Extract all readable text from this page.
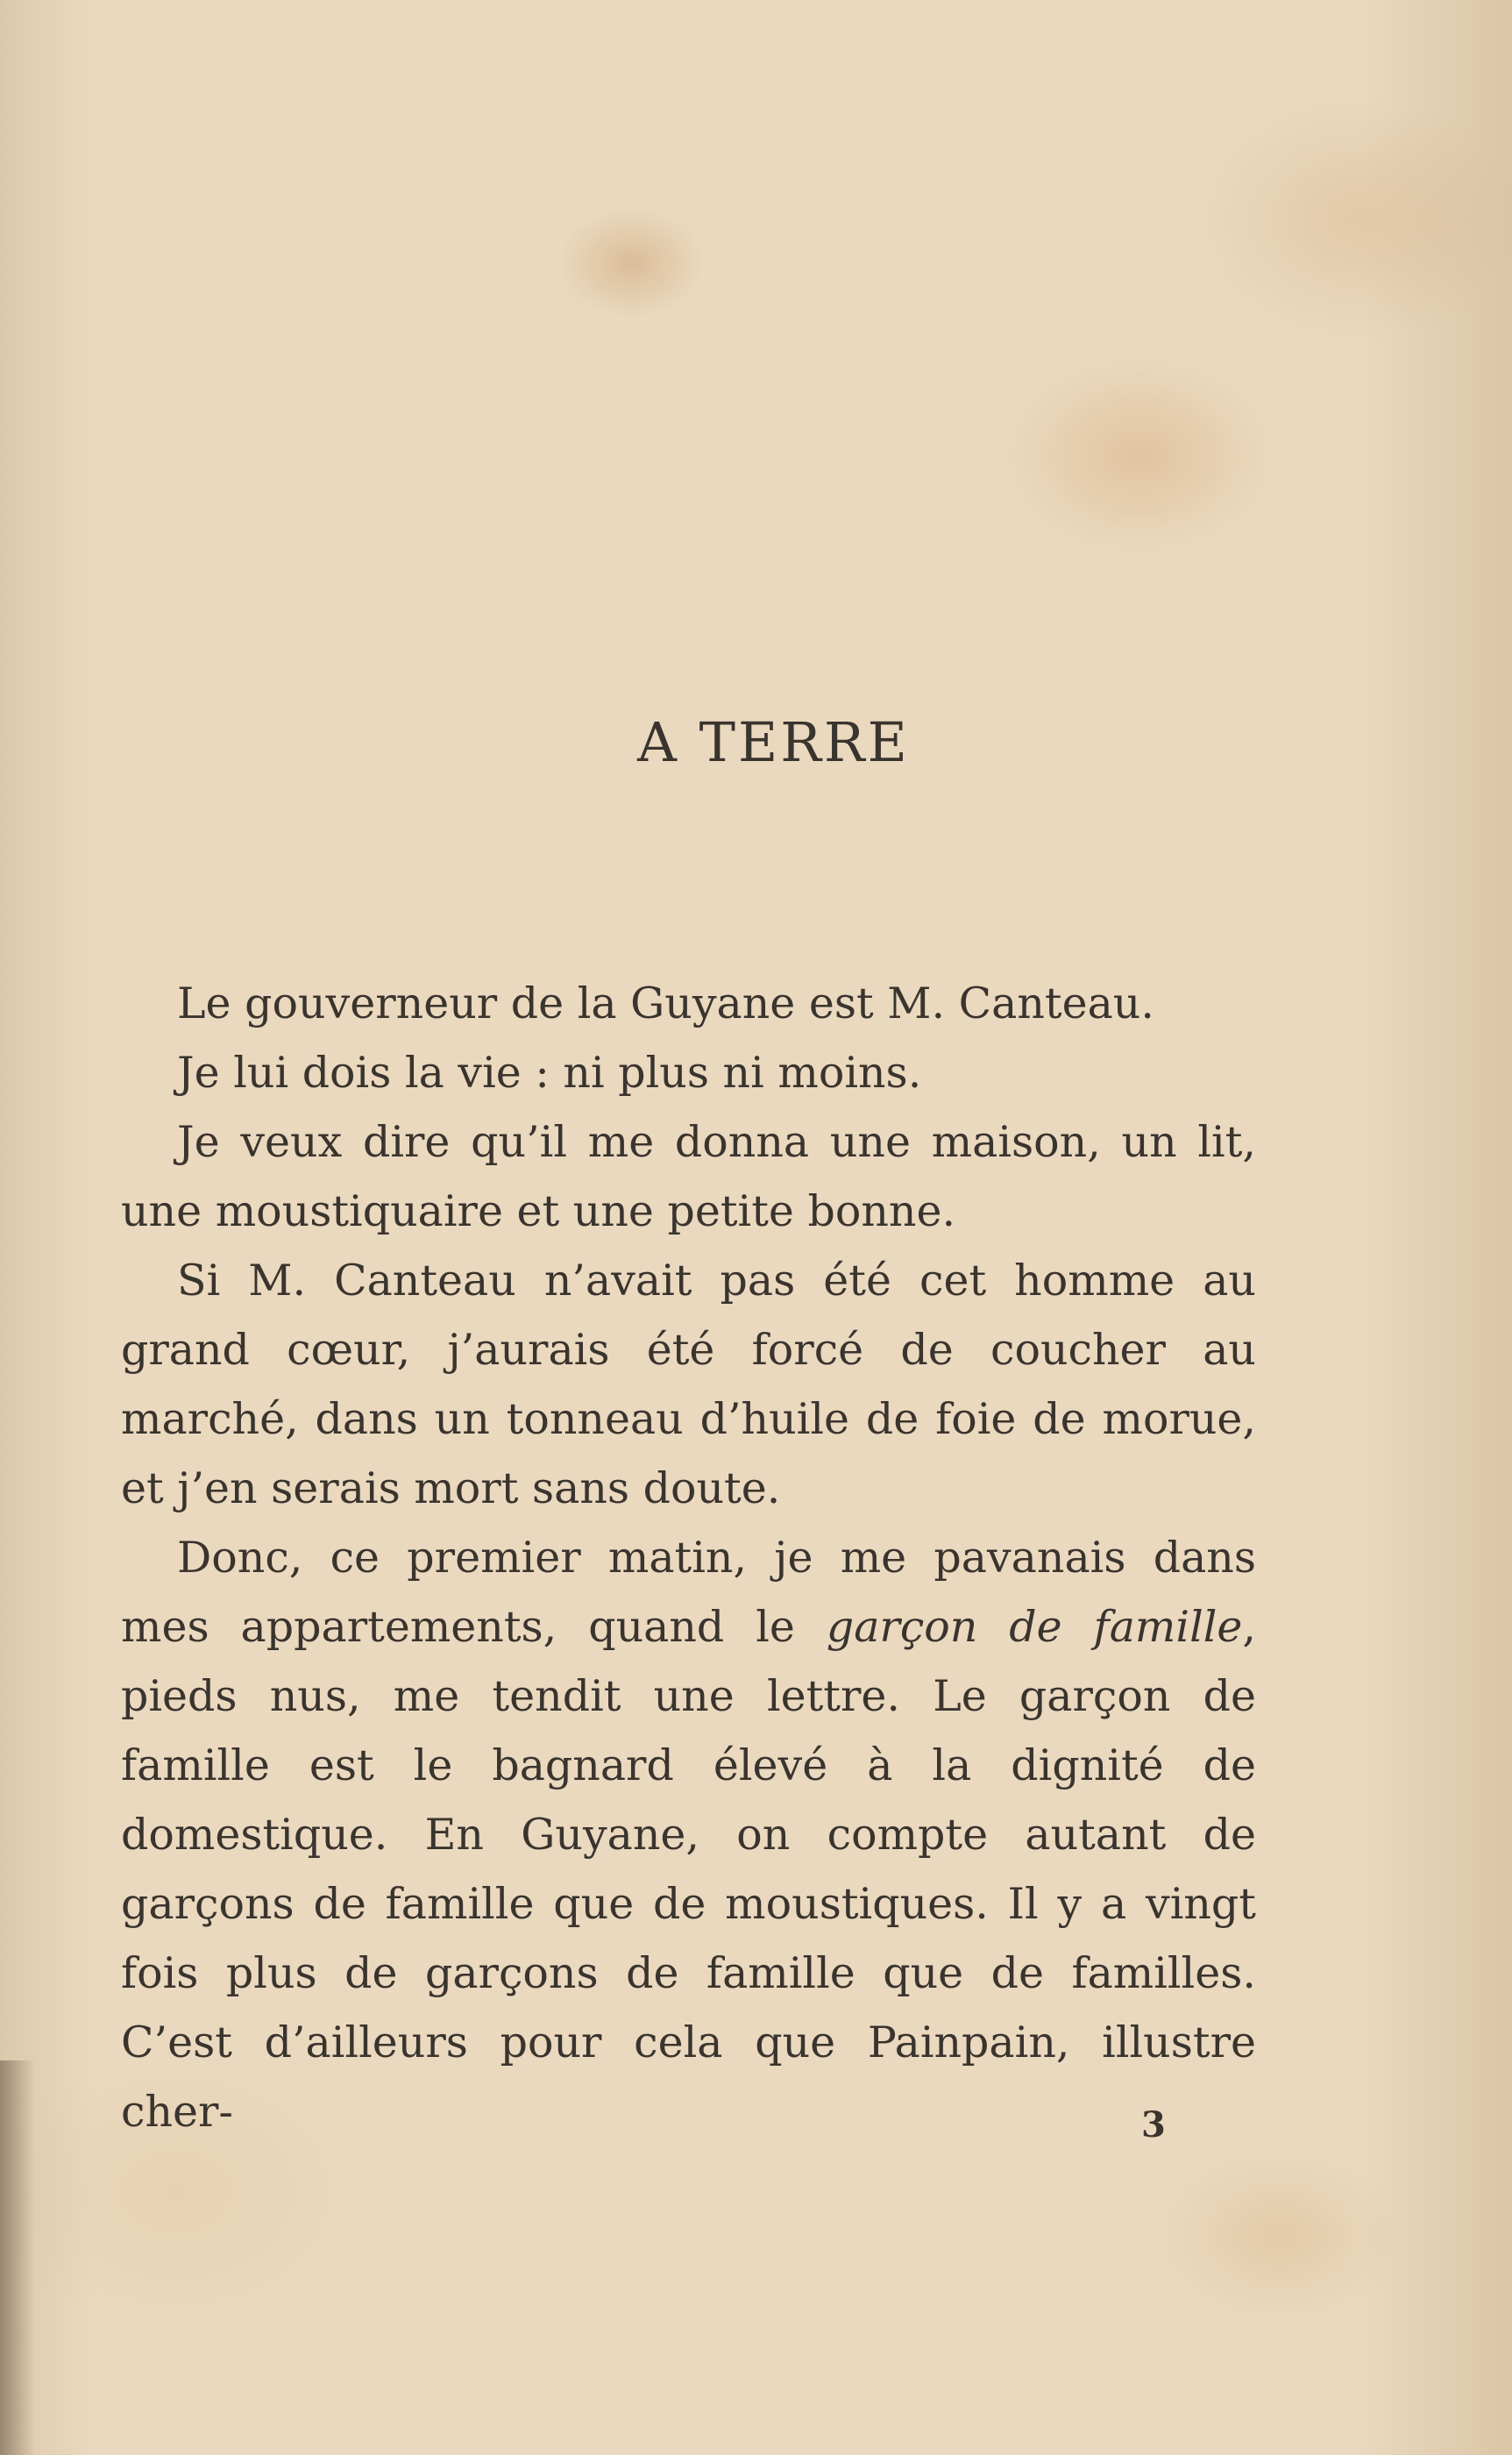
A TERRE

Le gouverneur de la Guyane est M. Canteau.

Je lui dois la vie : ni plus ni moins.

Je veux dire qu’il me donna une maison, un lit, une moustiquaire et une petite bonne.

Si M. Canteau n’avait pas été cet homme au grand cœur, j’aurais été forcé de coucher au marché, dans un tonneau d’huile de foie de morue, et j’en serais mort sans doute.

Donc, ce premier matin, je me pavanais dans mes appartements, quand le garçon de famille, pieds nus, me tendit une lettre. Le garçon de famille est le bagnard élevé à la dignité de domestique. En Guyane, on compte autant de garçons de famille que de moustiques. Il y a vingt fois plus de garçons de famille que de familles. C’est d’ailleurs pour cela que Painpain, illustre cher-	3
